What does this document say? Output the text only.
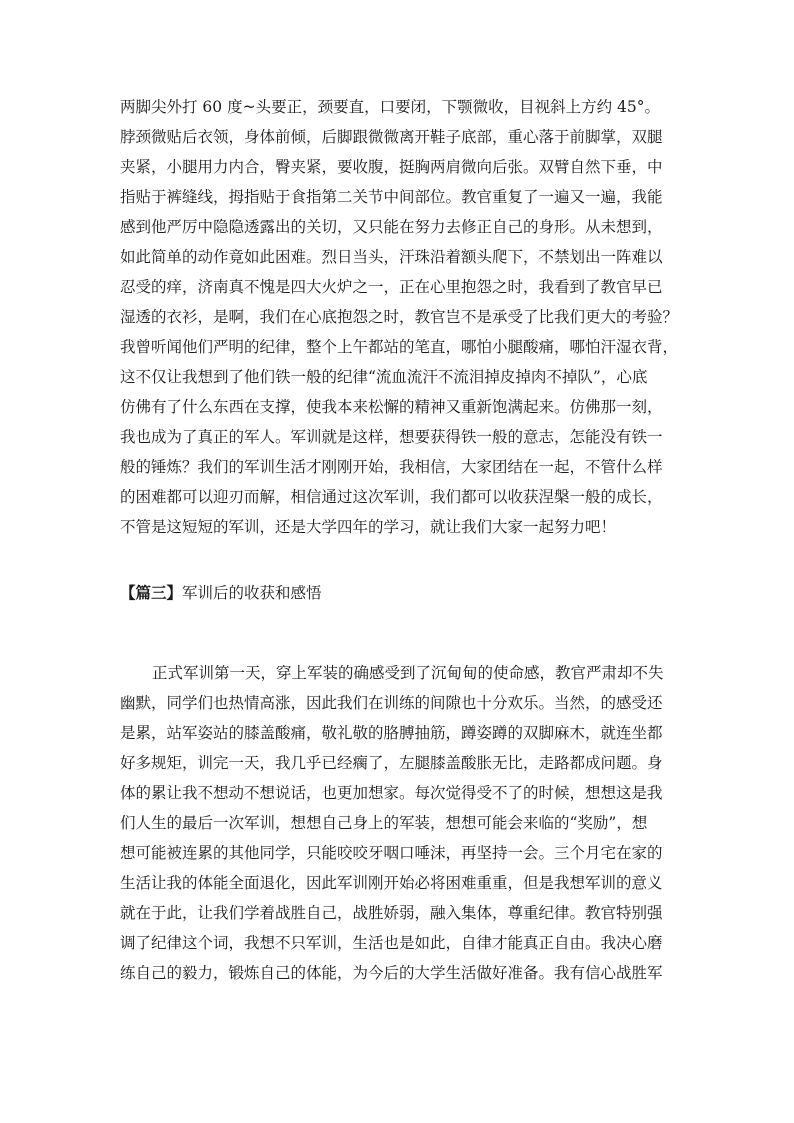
两脚尖外打 60 度~头要正，颈要直，口要闭，下颚微收，目视斜上方约 45°。
脖颈微贴后衣领，身体前倾，后脚跟微微离开鞋子底部，重心落于前脚掌，双腿
夹紧，小腿用力内合，臀夹紧，要收腹，挺胸两肩微向后张。双臂自然下垂，中
指贴于裤缝线，拇指贴于食指第二关节中间部位。教官重复了一遍又一遍，我能
感到他严厉中隐隐透露出的关切，又只能在努力去修正自己的身形。从未想到，
如此简单的动作竟如此困难。烈日当头，汗珠沿着额头爬下，不禁划出一阵难以
忍受的痒，济南真不愧是四大火炉之一，正在心里抱怨之时，我看到了教官早已
湿透的衣衫，是啊，我们在心底抱怨之时，教官岂不是承受了比我们更大的考验？
我曾听闻他们严明的纪律，整个上午都站的笔直，哪怕小腿酸痛，哪怕汗湿衣背，
这不仅让我想到了他们铁一般的纪律“流血流汗不流泪掉皮掉肉不掉队”，心底
仿佛有了什么东西在支撑，使我本来松懈的精神又重新饱满起来。仿佛那一刻，
我也成为了真正的军人。军训就是这样，想要获得铁一般的意志，怎能没有铁一
般的锤炼？我们的军训生活才刚刚开始，我相信，大家团结在一起，不管什么样
的困难都可以迎刃而解，相信通过这次军训，我们都可以收获涅槃一般的成长，
不管是这短短的军训，还是大学四年的学习，就让我们大家一起努力吧！
【篇三】军训后的收获和感悟
正式军训第一天，穿上军装的确感受到了沉甸甸的使命感，教官严肃却不失
幽默，同学们也热情高涨，因此我们在训练的间隙也十分欢乐。当然，的感受还
是累，站军姿站的膝盖酸痛，敬礼敬的胳膊抽筋，蹲姿蹲的双脚麻木，就连坐都
好多规矩，训完一天，我几乎已经瘸了，左腿膝盖酸胀无比，走路都成问题。身
体的累让我不想动不想说话，也更加想家。每次觉得受不了的时候，想想这是我
们人生的最后一次军训，想想自己身上的军装，想想可能会来临的“奖励”，想
想可能被连累的其他同学，只能咬咬牙咽口唾沫，再坚持一会。三个月宅在家的
生活让我的体能全面退化，因此军训刚开始必将困难重重，但是我想军训的意义
就在于此，让我们学着战胜自己，战胜娇弱，融入集体，尊重纪律。教官特别强
调了纪律这个词，我想不只军训，生活也是如此，自律才能真正自由。我决心磨
练自己的毅力，锻炼自己的体能，为今后的大学生活做好准备。我有信心战胜军
